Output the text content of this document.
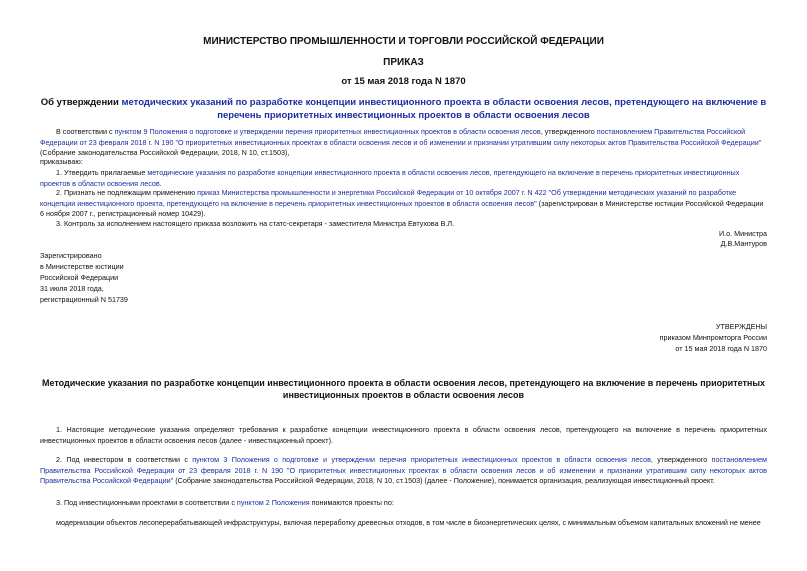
МИНИСТЕРСТВО ПРОМЫШЛЕННОСТИ И ТОРГОВЛИ РОССИЙСКОЙ ФЕДЕРАЦИИ
ПРИКАЗ
от 15 мая 2018 года N 1870
Об утверждении методических указаний по разработке концепции инвестиционного проекта в области освоения лесов, претендующего на включение в перечень приоритетных инвестиционных проектов в области освоения лесов
В соответствии с пунктом 9 Положения о подготовке и утверждении перечня приоритетных инвестиционных проектов в области освоения лесов, утвержденного постановлением Правительства Российской Федерации от 23 февраля 2018 г. N 190 "О приоритетных инвестиционных проектах в области освоения лесов и об изменении и признании утратившим силу некоторых актов Правительства Российской Федерации" (Собрание законодательства Российской Федерации, 2018, N 10, ст.1503),
приказываю:
1. Утвердить прилагаемые методические указания по разработке концепции инвестиционного проекта в области освоения лесов, претендующего на включение в перечень приоритетных инвестиционных проектов в области освоения лесов.
2. Признать не подлежащим применению приказ Министерства промышленности и энергетики Российской Федерации от 10 октября 2007 г. N 422 "Об утверждении методических указаний по разработке концепции инвестиционного проекта, претендующего на включение в перечень приоритетных инвестиционных проектов в области освоения лесов" (зарегистрирован в Министерстве юстиции Российской Федерации 6 ноября 2007 г., регистрационный номер 10429).
3. Контроль за исполнением настоящего приказа возложить на статс-секретаря - заместителя Министра Евтухова В.Л.
И.о. Министра
Д.В.Мантуров
Зарегистрировано
в Министерстве юстиции
Российской Федерации
31 июля 2018 года,
регистрационный N 51739
УТВЕРЖДЕНЫ
приказом Минпромторга России
от 15 мая 2018 года N 1870
Методические указания по разработке концепции инвестиционного проекта в области освоения лесов, претендующего на включение в перечень приоритетных инвестиционных проектов в области освоения лесов
1. Настоящие методические указания определяют требования к разработке концепции инвестиционного проекта в области освоения лесов, претендующего на включение в перечень приоритетных инвестиционных проектов в области освоения лесов (далее - инвестиционный проект).
2. Под инвестором в соответствии с пунктом 3 Положения о подготовке и утверждении перечня приоритетных инвестиционных проектов в области освоения лесов, утвержденного постановлением Правительства Российской Федерации от 23 февраля 2018 г. N 190 "О приоритетных инвестиционных проектах в области освоения лесов и об изменении и признании утратившим силу некоторых актов Правительства Российской Федерации" (Собрание законодательства Российской Федерации, 2018, N 10, ст.1503) (далее - Положение), понимается организация, реализующая инвестиционный проект.
3. Под инвестиционными проектами в соответствии с пунктом 2 Положения понимаются проекты по:
модернизации объектов лесоперерабатывающей инфраструктуры, включая переработку древесных отходов, в том числе в биоэнергетических целях, с минимальным объемом капитальных вложений не менее
